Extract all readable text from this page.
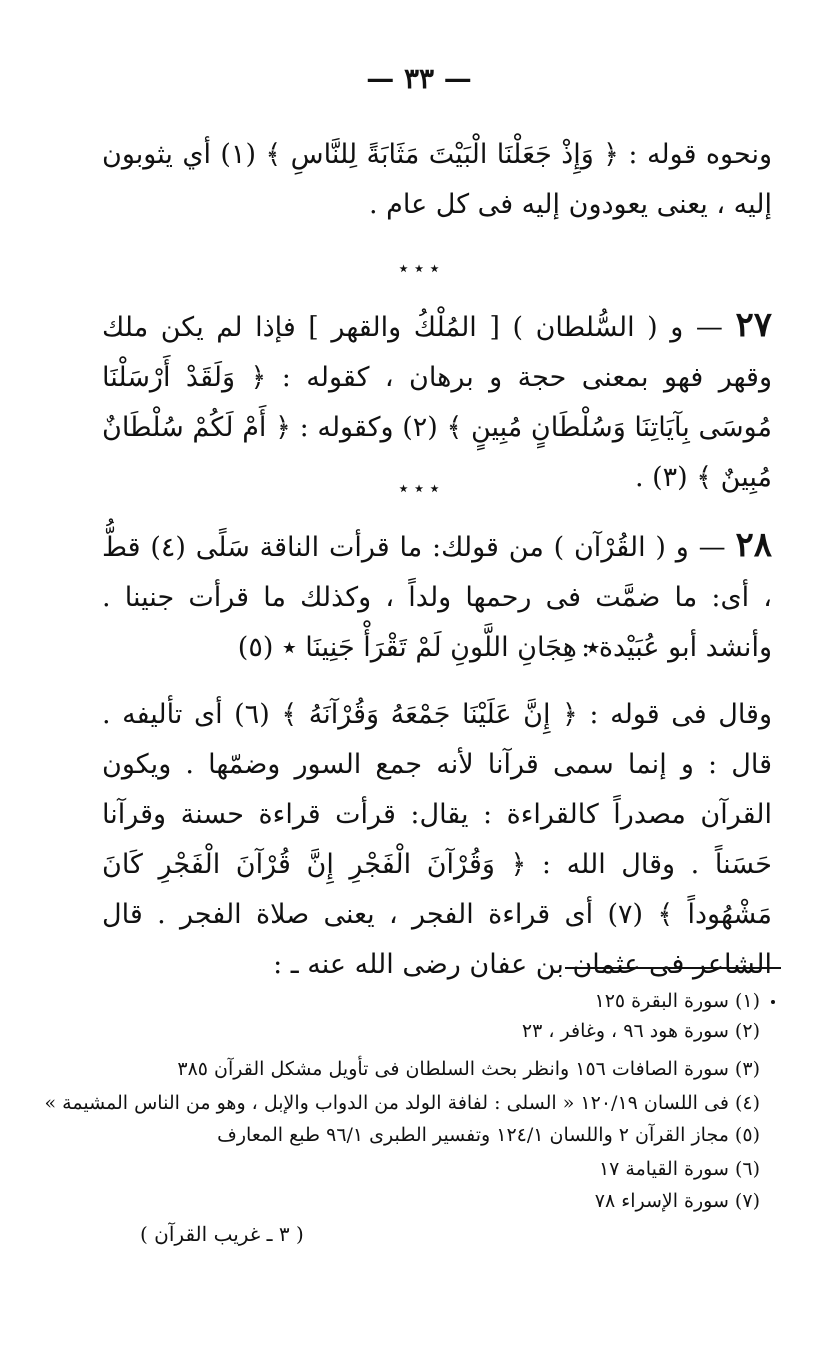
— ٣٣ —
ونحوه قوله : ﴿ وَإِذْ جَعَلْنَا الْبَيْتَ مَثَابَةً لِلنَّاسِ ﴾ (١) أي يثوبون إليه ، يعنى يعودون إليه فى كل عام .
٭ ٭ ٭
٢٧ — و ( السُّلطان ) [ المُلْكُ والقهر ] فإذا لم يكن ملك وقهر فهو بمعنى حجة و برهان ، كقوله : ﴿ وَلَقَدْ أَرْسَلْنَا مُوسَى بِآيَاتِنَا وَسُلْطَانٍ مُبِينٍ ﴾ (٢) وكقوله : ﴿ أَمْ لَكُمْ سُلْطَانٌ مُبِينٌ ﴾ (٣) .
٭ ٭ ٭
٢٨ — و ( القُرْآن ) من قولك: ما قرأت الناقة سَلًى (٤) قطُّ ، أى: ما ضمَّت فى رحمها ولداً ، وكذلك ما قرأت جنينا . وأنشد أبو عُبَيْدة :
٭ هِجَانِ اللَّونِ لَمْ تَقْرَأْ جَنِينَا ٭ (٥)
وقال فى قوله : ﴿ إِنَّ عَلَيْنَا جَمْعَهُ وَقُرْآنَهُ ﴾ (٦) أى تأليفه . قال : و إنما سمى قرآنا لأنه جمع السور وضمّها . ويكون القرآن مصدراً كالقراءة : يقال: قرأت قراءة حسنة وقرآنا حَسَناً . وقال الله : ﴿ وَقُرْآنَ الْفَجْرِ إِنَّ قُرْآنَ الْفَجْرِ كَانَ مَشْهُوداً ﴾ (٧) أى قراءة الفجر ، يعنى صلاة الفجر . قال الشاعر فى عثمان بن عفان رضى الله عنه ـ :
(١) سورة البقرة ١٢٥
(٢) سورة هود ٩٦ ، وغافر ، ٢٣
(٣) سورة الصافات ١٥٦ وانظر بحث السلطان فى تأويل مشكل القرآن ٣٨٥
(٤) فى اللسان ١٢٠/١٩ « السلى : لفافة الولد من الدواب والإبل ، وهو من الناس المشيمة »
(٥) مجاز القرآن ٢ واللسان ١٢٤/١ وتفسير الطبرى ٩٦/١ طبع المعارف
(٦) سورة القيامة ١٧
(٧) سورة الإسراء ٧٨
( ٣ ـ غريب القرآن )
